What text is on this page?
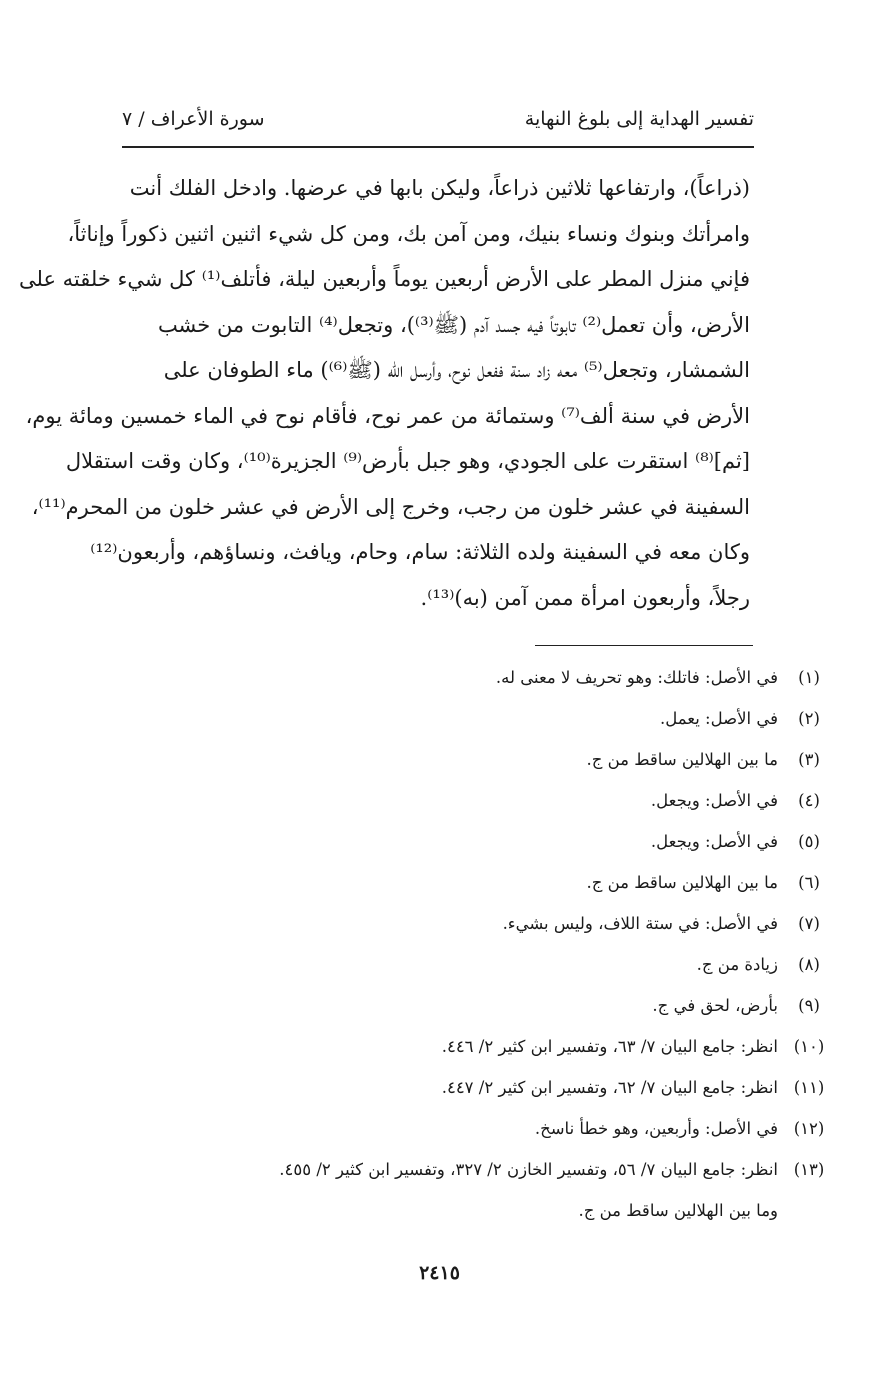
تفسير الهداية إلى بلوغ النهاية
سورة الأعراف / ٧
(ذراعاً)، وارتفاعها ثلاثين ذراعاً، وليكن بابها في عرضها. وادخل الفلك أنت
وامرأتك وبنوك ونساء بنيك، ومن آمن بك، ومن كل شيء اثنين اثنين ذكوراً وإناثاً،
فإني منزل المطر على الأرض أربعين يوماً وأربعين ليلة، فأتلف⁽¹⁾ كل شيء خلقته على
الأرض، وأن تعمل⁽²⁾ تابوتاً فيه جسد آدم (ﷺ⁽³⁾)، وتجعل⁽⁴⁾ التابوت من خشب
الشمشار، وتجعل⁽⁵⁾ معه زاد سنة ففعل نوح، وأرسل الله (ﷺ⁽⁶⁾) ماء الطوفان على
الأرض في سنة ألف⁽⁷⁾ وستمائة من عمر نوح، فأقام نوح في الماء خمسين ومائة يوم،
[ثم]⁽⁸⁾ استقرت على الجودي، وهو جبل بأرض⁽⁹⁾ الجزيرة⁽¹⁰⁾، وكان وقت استقلال
السفينة في عشر خلون من رجب، وخرج إلى الأرض في عشر خلون من المحرم⁽¹¹⁾،
وكان معه في السفينة ولده الثلاثة: سام، وحام، ويافث، ونساؤهم، وأربعون⁽¹²⁾
رجلاً، وأربعون امرأة ممن آمن (به)⁽¹³⁾.
(١)
في الأصل: فاتلك: وهو تحريف لا معنى له.
(٢)
في الأصل: يعمل.
(٣)
ما بين الهلالين ساقط من ج.
(٤)
في الأصل: ويجعل.
(٥)
في الأصل: ويجعل.
(٦)
ما بين الهلالين ساقط من ج.
(٧)
في الأصل: في ستة اللاف، وليس بشيء.
(٨)
زيادة من ج.
(٩)
بأرض، لحق في ج.
(١٠)
انظر: جامع البيان ٧/ ٦٣، وتفسير ابن كثير ٢/ ٤٤٦.
(١١)
انظر: جامع البيان ٧/ ٦٢، وتفسير ابن كثير ٢/ ٤٤٧.
(١٢)
في الأصل: وأربعين، وهو خطأ ناسخ.
(١٣)
انظر: جامع البيان ٧/ ٥٦، وتفسير الخازن ٢/ ٣٢٧، وتفسير ابن كثير ٢/ ٤٥٥.
وما بين الهلالين ساقط من ج.
٢٤١٥
